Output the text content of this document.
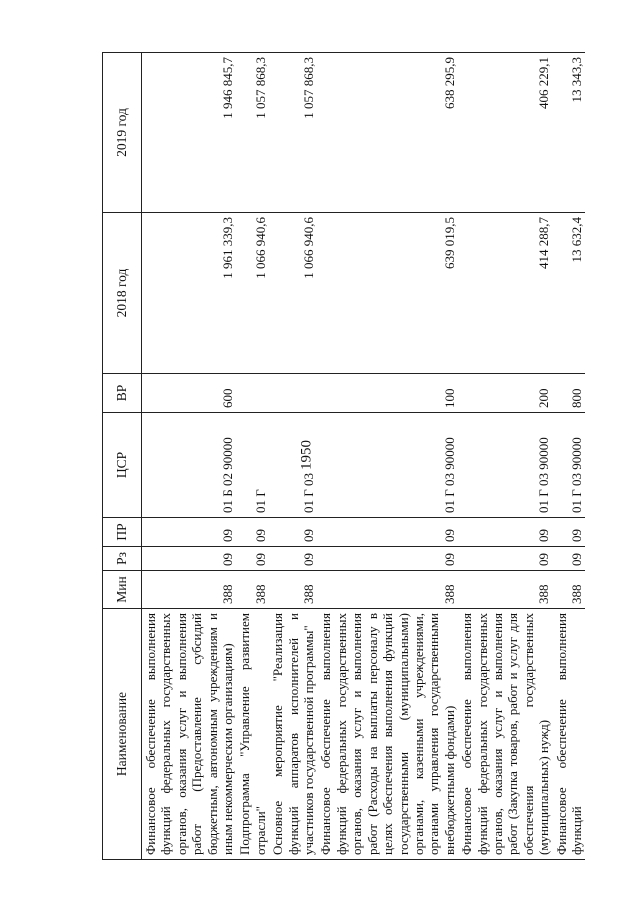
1950
Наименование	Мин	Рз	ПР	ЦСР	ВР	2018 год	2019 год
Финансовое обеспечение выполнения функций федеральных государственных органов, оказания услуг и выполнения работ (Предоставление субсидий бюджетным, автономным учреждениям и иным некоммерческим организациям)	388	09	09	01 Б 02 90000	600	1 961 339,3	1 946 845,7
Подпрограмма "Управление развитием отрасли"	388	09	09	01 Г		1 066 940,6	1 057 868,3
Основное мероприятие "Реализация функций аппаратов исполнителей и участников государственной программы"	388	09	09	01 Г 03		1 066 940,6	1 057 868,3
Финансовое обеспечение выполнения функций федеральных государственных органов, оказания услуг и выполнения работ (Расходы на выплаты персоналу в целях обеспечения выполнения функций государственными (муниципальными) органами, казенными учреждениями, органами управления государственными внебюджетными фондами)	388	09	09	01 Г 03 90000	100	639 019,5	638 295,9
Финансовое обеспечение выполнения функций федеральных государственных органов, оказания услуг и выполнения работ (Закупка товаров, работ и услуг для обеспечения государственных (муниципальных) нужд)	388	09	09	01 Г 03 90000	200	414 288,7	406 229,1
Финансовое обеспечение выполнения функций	388	09	09	01 Г 03 90000	800	13 632,4	13 343,3
